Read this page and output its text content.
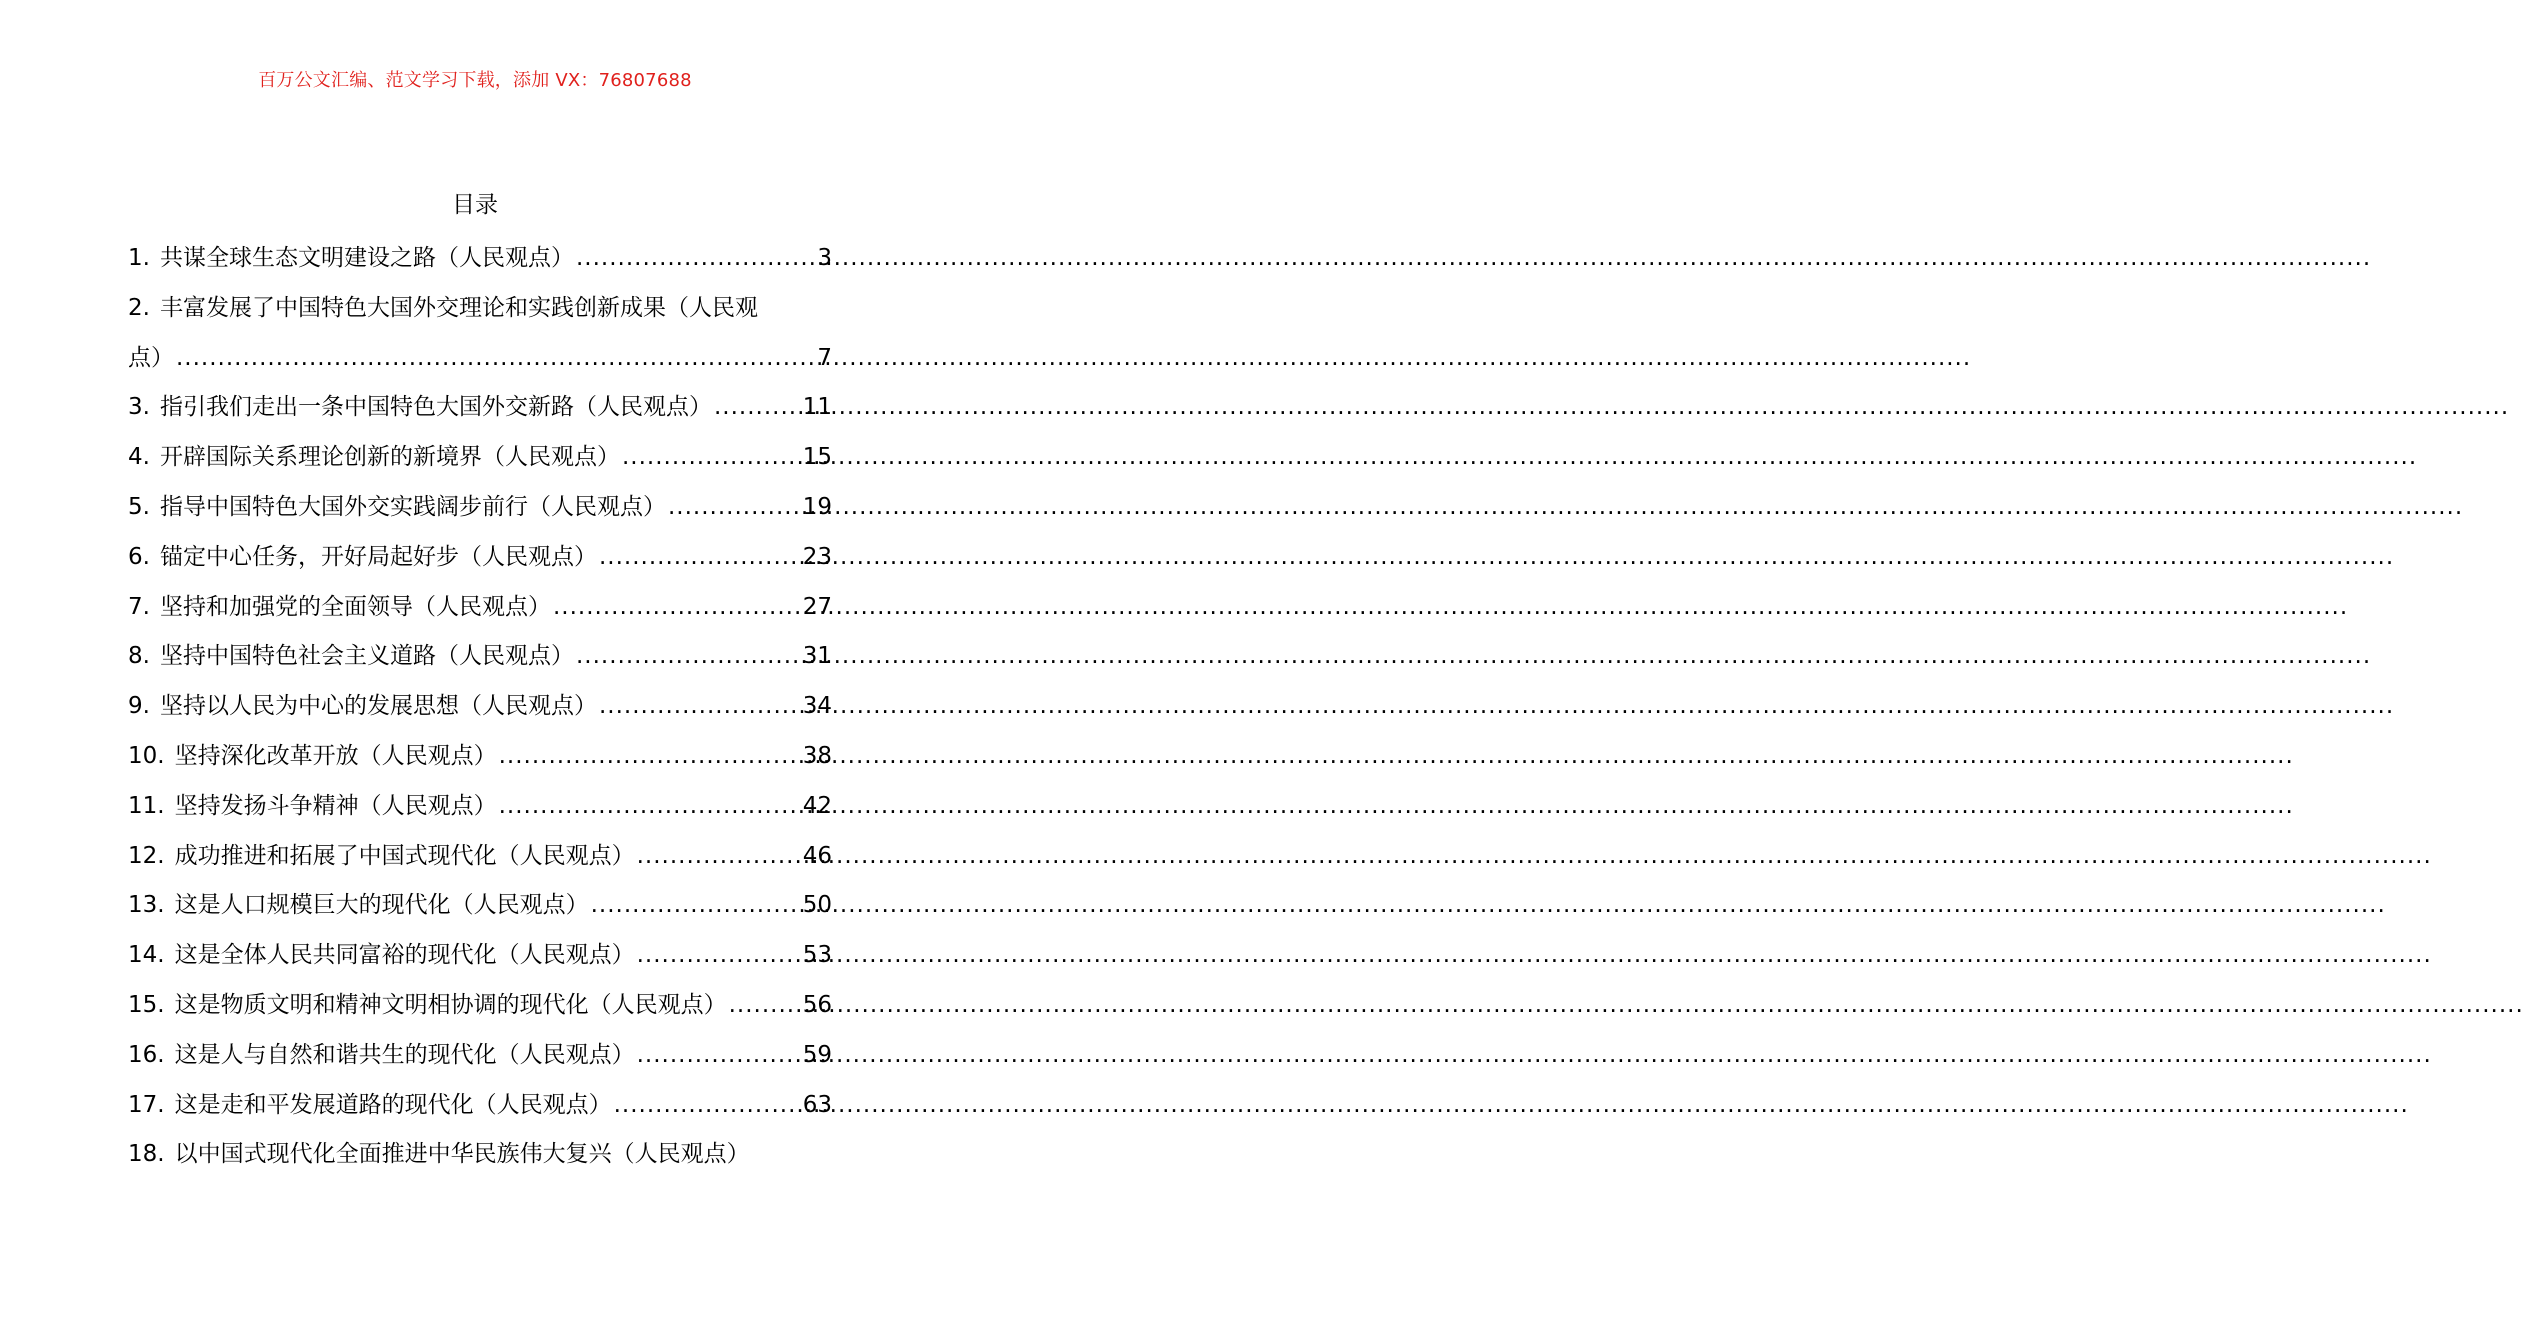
百万公文汇编、范文学习下载，添加 VX：76807688
目录
1. 共谋全球生态文明建设之路（人民观点） .....	3
2. 丰富发展了中国特色大国外交理论和实践创新成果（人民观
点） .....	7
3. 指引我们走出一条中国特色大国外交新路（人民观点） .....	11
4. 开辟国际关系理论创新的新境界（人民观点） .....	15
5. 指导中国特色大国外交实践阔步前行（人民观点） .....	19
6. 锚定中心任务，开好局起好步（人民观点） .....	23
7. 坚持和加强党的全面领导（人民观点） .....	27
8. 坚持中国特色社会主义道路（人民观点） .....	31
9. 坚持以人民为中心的发展思想（人民观点） .....	34
10. 坚持深化改革开放（人民观点） .....	38
11. 坚持发扬斗争精神（人民观点） .....	42
12. 成功推进和拓展了中国式现代化（人民观点） .....	46
13. 这是人口规模巨大的现代化（人民观点） .....	50
14. 这是全体人民共同富裕的现代化（人民观点） .....	53
15. 这是物质文明和精神文明相协调的现代化（人民观点） .....	56
16. 这是人与自然和谐共生的现代化（人民观点） .....	59
17. 这是走和平发展道路的现代化（人民观点） .....	63
18. 以中国式现代化全面推进中华民族伟大复兴（人民观点）
